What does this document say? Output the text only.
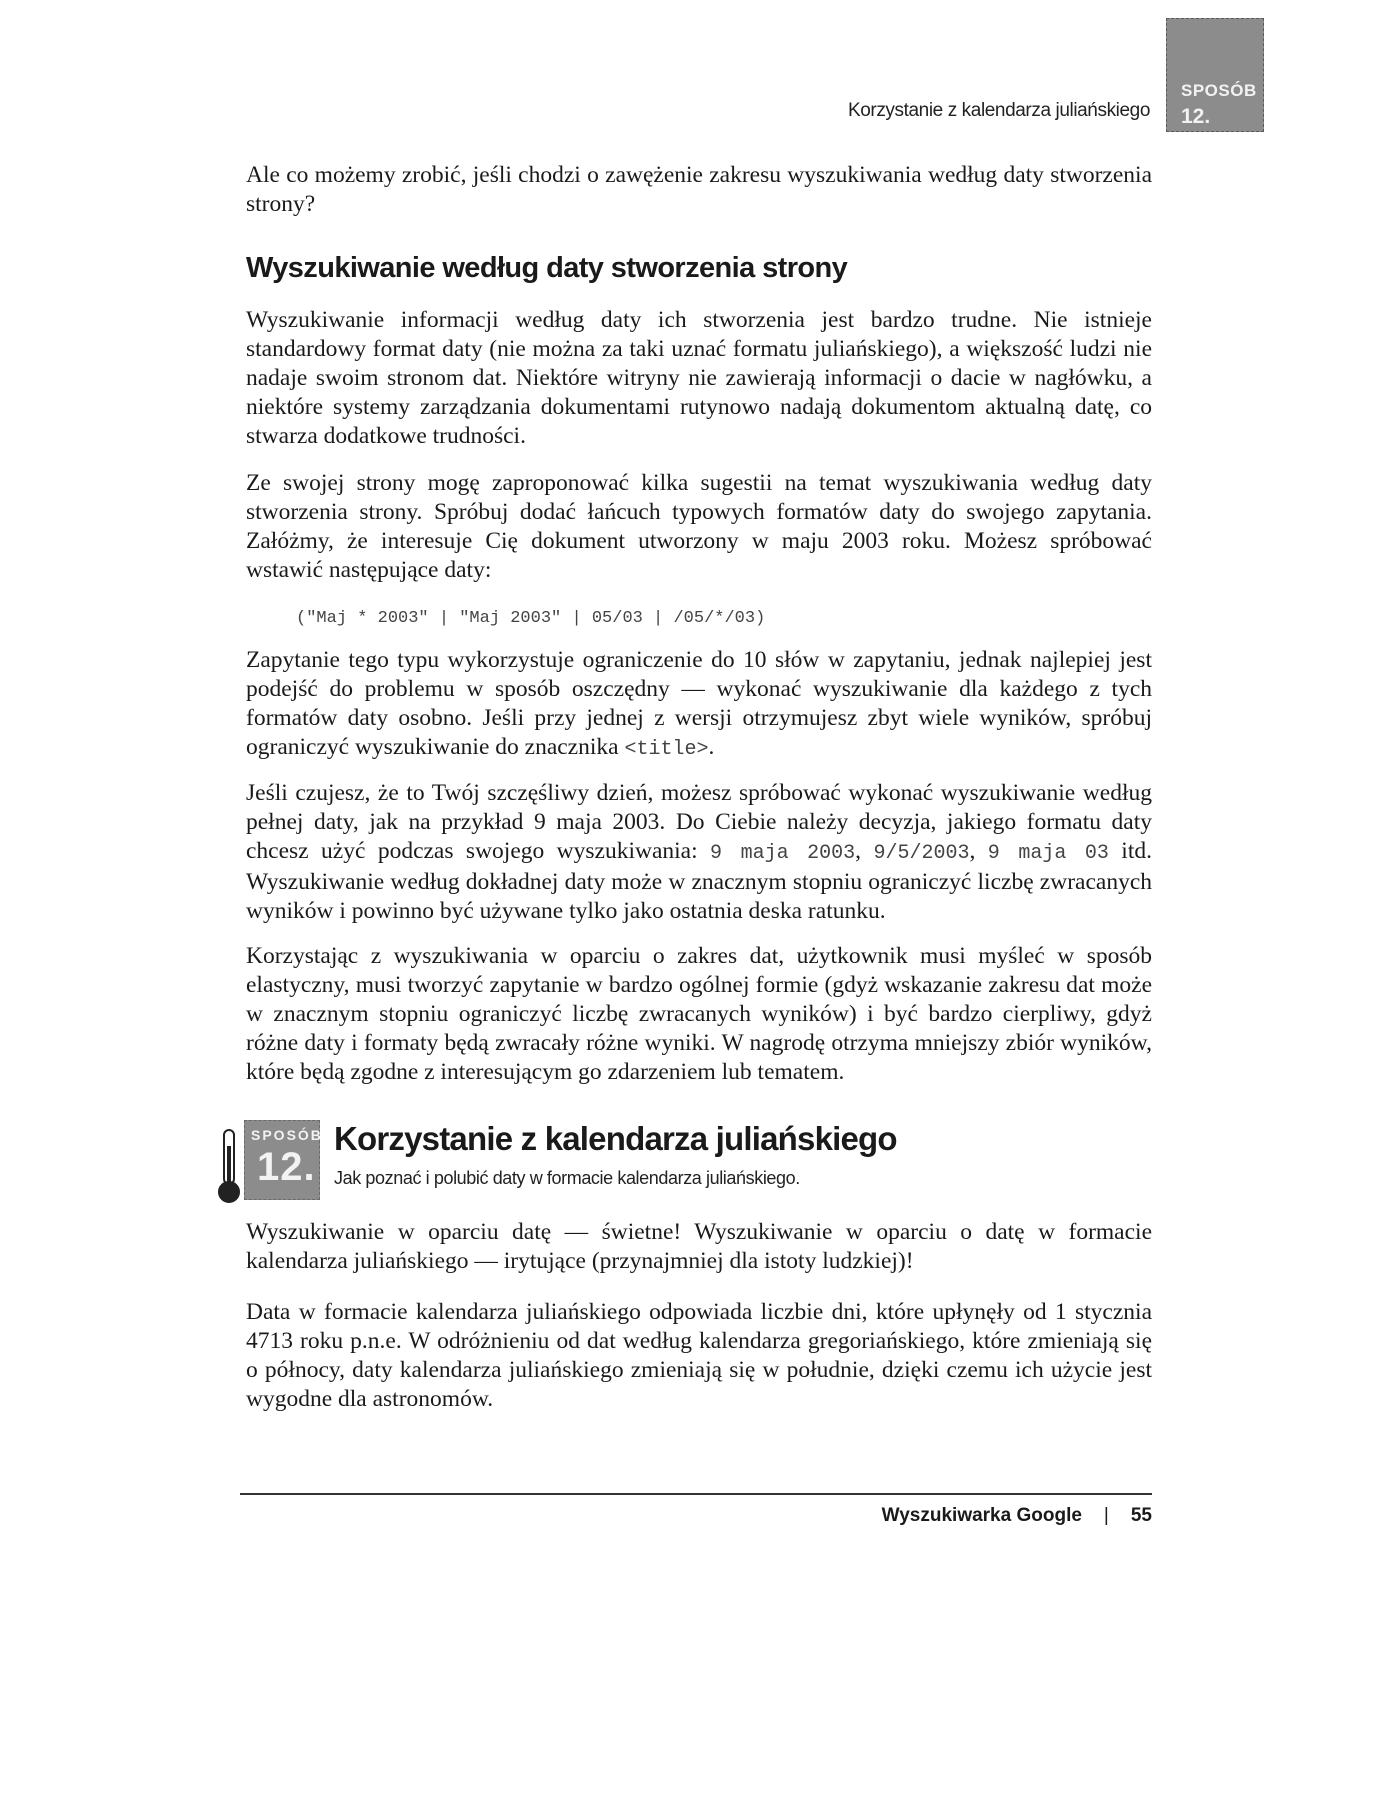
Korzystanie z kalendarza juliańskiego
SPOSÓB
12.

Ale co możemy zrobić, jeśli chodzi o zawężenie zakresu wyszukiwania według daty stworzenia strony?

Wyszukiwanie według daty stworzenia strony

Wyszukiwanie informacji według daty ich stworzenia jest bardzo trudne. Nie istnieje standardowy format daty (nie można za taki uznać formatu juliańskiego), a większość ludzi nie nadaje swoim stronom dat. Niektóre witryny nie zawierają informacji o dacie w nagłówku, a niektóre systemy zarządzania dokumentami rutynowo nadają dokumentom aktualną datę, co stwarza dodatkowe trudności.

Ze swojej strony mogę zaproponować kilka sugestii na temat wyszukiwania według daty stworzenia strony. Spróbuj dodać łańcuch typowych formatów daty do swojego zapytania. Załóżmy, że interesuje Cię dokument utworzony w maju 2003 roku. Możesz spróbować wstawić następujące daty:

("Maj * 2003" | "Maj 2003" | 05/03 | /05/*/03)

Zapytanie tego typu wykorzystuje ograniczenie do 10 słów w zapytaniu, jednak najlepiej jest podejść do problemu w sposób oszczędny — wykonać wyszukiwanie dla każdego z tych formatów daty osobno. Jeśli przy jednej z wersji otrzymujesz zbyt wiele wyników, spróbuj ograniczyć wyszukiwanie do znacznika <title>.

Jeśli czujesz, że to Twój szczęśliwy dzień, możesz spróbować wykonać wyszukiwanie według pełnej daty, jak na przykład 9 maja 2003. Do Ciebie należy decyzja, jakiego formatu daty chcesz użyć podczas swojego wyszukiwania: 9 maja 2003, 9/5/2003, 9 maja 03 itd. Wyszukiwanie według dokładnej daty może w znacznym stopniu ograniczyć liczbę zwracanych wyników i powinno być używane tylko jako ostatnia deska ratunku.

Korzystając z wyszukiwania w oparciu o zakres dat, użytkownik musi myśleć w sposób elastyczny, musi tworzyć zapytanie w bardzo ogólnej formie (gdyż wskazanie zakresu dat może w znacznym stopniu ograniczyć liczbę zwracanych wyników) i być bardzo cierpliwy, gdyż różne daty i formaty będą zwracały różne wyniki. W nagrodę otrzyma mniejszy zbiór wyników, które będą zgodne z interesującym go zdarzeniem lub tematem.

SPOSÓB
12.
Korzystanie z kalendarza juliańskiego

Jak poznać i polubić daty w formacie kalendarza juliańskiego.

Wyszukiwanie w oparciu datę — świetne! Wyszukiwanie w oparciu o datę w formacie kalendarza juliańskiego — irytujące (przynajmniej dla istoty ludzkiej)!

Data w formacie kalendarza juliańskiego odpowiada liczbie dni, które upłynęły od 1 stycznia 4713 roku p.n.e. W odróżnieniu od dat według kalendarza gregoriańskiego, które zmieniają się o północy, daty kalendarza juliańskiego zmieniają się w południe, dzięki czemu ich użycie jest wygodne dla astronomów.

Wyszukiwarka Google | 55
